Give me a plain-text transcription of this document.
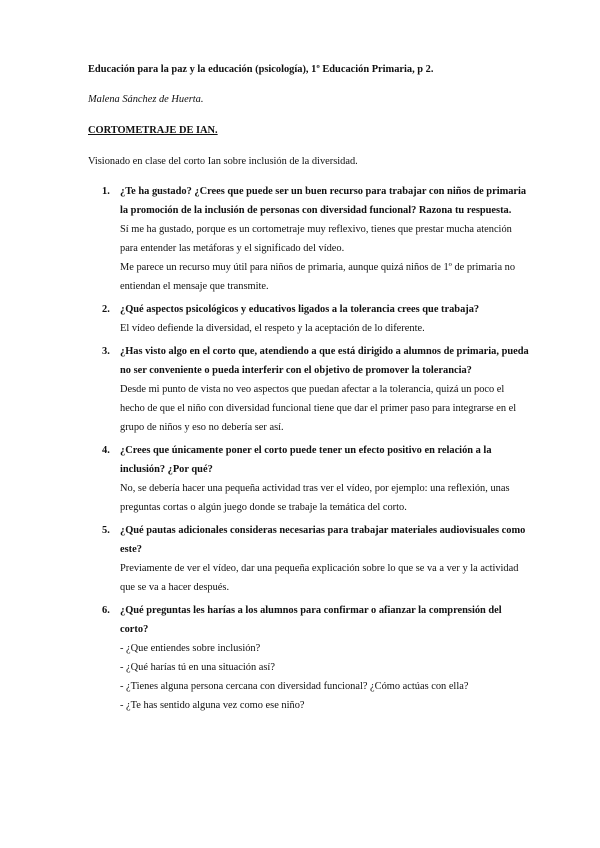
Educación para la paz y la educación (psicología), 1º Educación Primaria, p 2.
Malena Sánchez de Huerta.
CORTOMETRAJE DE IAN.
Visionado en clase del corto Ian sobre inclusión de la diversidad.
1. ¿Te ha gustado? ¿Crees que puede ser un buen recurso para trabajar con niños de primaria la promoción de la inclusión de personas con diversidad funcional? Razona tu respuesta.

Sí me ha gustado, porque es un cortometraje muy reflexivo, tienes que prestar mucha atención para entender las metáforas y el significado del vídeo.

Me parece un recurso muy útil para niños de primaria, aunque quizá niños de 1º de primaria no entiendan el mensaje que transmite.

2. ¿Qué aspectos psicológicos y educativos ligados a la tolerancia crees que trabaja?

El vídeo defiende la diversidad, el respeto y la aceptación de lo diferente.

3. ¿Has visto algo en el corto que, atendiendo a que está dirigido a alumnos de primaria, pueda no ser conveniente o pueda interferir con el objetivo de promover la tolerancia?

Desde mi punto de vista no veo aspectos que puedan afectar a la tolerancia, quizá un poco el hecho de que el niño con diversidad funcional tiene que dar el primer paso para integrarse en el grupo de niños y eso no debería ser así.

4. ¿Crees que únicamente poner el corto puede tener un efecto positivo en relación a la inclusión? ¿Por qué?

No, se debería hacer una pequeña actividad tras ver el vídeo, por ejemplo: una reflexión, unas preguntas cortas o algún juego donde se trabaje la temática del corto.

5. ¿Qué pautas adicionales consideras necesarias para trabajar materiales audiovisuales como este?

Previamente de ver el vídeo, dar una pequeña explicación sobre lo que se va a ver y la actividad que se va a hacer después.

6. ¿Qué preguntas les harías a los alumnos para confirmar o afianzar la comprensión del corto?

- ¿Que entiendes sobre inclusión?

- ¿Qué harías tú en una situación así?

- ¿Tienes alguna persona cercana con diversidad funcional? ¿Cómo actúas con ella?

- ¿Te has sentido alguna vez como ese niño?
